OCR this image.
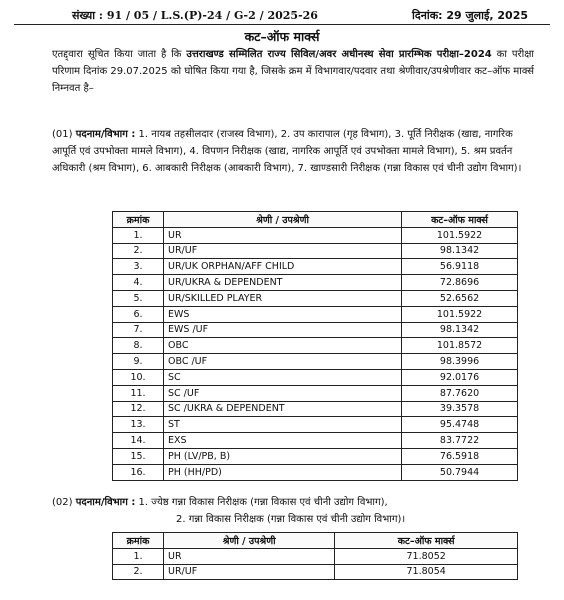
संख्या : 91 / 05 / L.S.(P)-24 / G-2 / 2025-26	दिनांक: 29 जुलाई, 2025
कट–ऑफ मार्क्स
एतद्द्वारा सूचित किया जाता है कि उत्तराखण्ड सम्मिलित राज्य सिविल/अवर अधीनस्थ सेवा प्रारम्भिक परीक्षा–2024 का परीक्षा परिणाम दिनांक 29.07.2025 को घोषित किया गया है, जिसके क्रम में विभागवार/पदवार तथा श्रेणीवार/उपश्रेणीवार कट–ऑफ मार्क्स निम्नवत है–
(01) पदनाम/विभाग : 1. नायब तहसीलदार (राजस्व विभाग), 2. उप कारापाल (गृह विभाग), 3. पूर्ति निरीक्षक (खाद्य, नागरिक आपूर्ति एवं उपभोक्ता मामले विभाग), 4. विपणन निरीक्षक (खाद्य, नागरिक आपूर्ति एवं उपभोक्ता मामले विभाग), 5. श्रम प्रवर्तन अधिकारी (श्रम विभाग), 6. आबकारी निरीक्षक (आबकारी विभाग), 7. खाण्डसारी निरीक्षक (गन्ना विकास एवं चीनी उद्योग विभाग)।
क्रमांक	श्रेणी / उपश्रेणी	कट–ऑफ मार्क्स
1.	UR	101.5922
2.	UR/UF	98.1342
3.	UR/UK ORPHAN/AFF CHILD	56.9118
4.	UR/UKRA & DEPENDENT	72.8696
5.	UR/SKILLED PLAYER	52.6562
6.	EWS	101.5922
7.	EWS /UF	98.1342
8.	OBC	101.8572
9.	OBC /UF	98.3996
10.	SC	92.0176
11.	SC /UF	87.7620
12.	SC /UKRA & DEPENDENT	39.3578
13.	ST	95.4748
14.	EXS	83.7722
15.	PH (LV/PB, B)	76.5918
16.	PH (HH/PD)	50.7944
(02) पदनाम/विभाग : 1. ज्येष्ठ गन्ना विकास निरीक्षक (गन्ना विकास एवं चीनी उद्योग विभाग),
2. गन्ना विकास निरीक्षक (गन्ना विकास एवं चीनी उद्योग विभाग)।
क्रमांक	श्रेणी / उपश्रेणी	कट–ऑफ मार्क्स
1.	UR	71.8052
2.	UR/UF	71.8054
